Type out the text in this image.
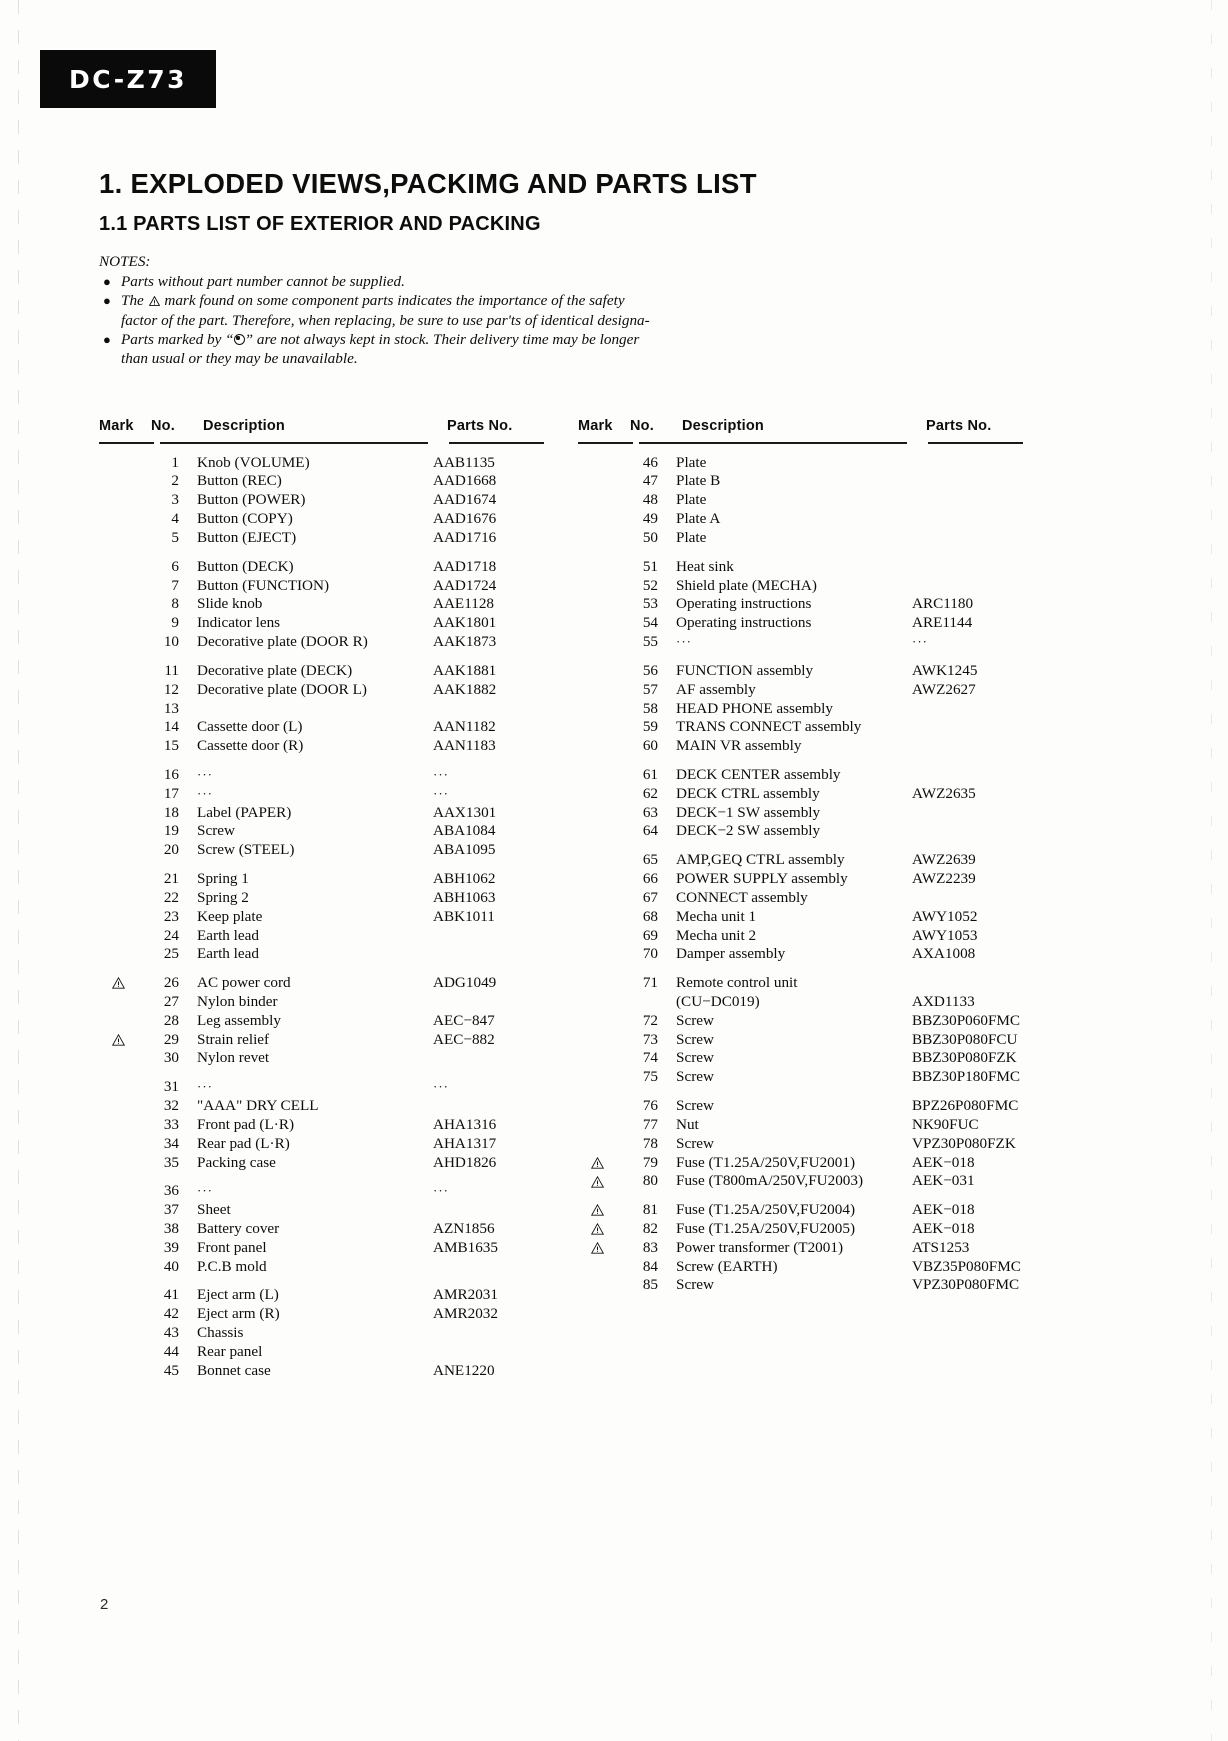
DC-Z73
1. EXPLODED VIEWS,PACKIMG AND PARTS LIST
1.1 PARTS LIST OF EXTERIOR AND PACKING
NOTES:
● Parts without part number cannot be supplied.
● The
mark found on some component parts indicates the importance of the safety
factor of the part. Therefore, when replacing, be sure to use par'ts of identical designa-
● Parts marked by “ ” are not always kept in stock. Their delivery time may be longer
than usual or they may be unavailable.
Mark	No.	Description	Parts No.
1	Knob (VOLUME)	AAB1135
2	Button (REC)	AAD1668
3	Button (POWER)	AAD1674
4	Button (COPY)	AAD1676
5	Button (EJECT)	AAD1716
6	Button (DECK)	AAD1718
7	Button (FUNCTION)	AAD1724
8	Slide knob	AAE1128
9	Indicator lens	AAK1801
10	Decorative plate (DOOR R)	AAK1873
11	Decorative plate (DECK)	AAK1881
12	Decorative plate (DOOR L)	AAK1882
13
14	Cassette door (L)	AAN1182
15	Cassette door (R)	AAN1183
16	···	···
17	···	···
18	Label (PAPER)	AAX1301
19	Screw	ABA1084
20	Screw (STEEL)	ABA1095
21	Spring 1	ABH1062
22	Spring 2	ABH1063
23	Keep plate	ABK1011
24	Earth lead
25	Earth lead
26	AC power cord	ADG1049
27	Nylon binder
28	Leg assembly	AEC−847
29	Strain relief	AEC−882
30	Nylon revet
31	···	···
32	"AAA" DRY CELL
33	Front pad (L·R)	AHA1316
34	Rear pad (L·R)	AHA1317
35	Packing case	AHD1826
36	···	···
37	Sheet
38	Battery cover	AZN1856
39	Front panel	AMB1635
40	P.C.B mold
41	Eject arm (L)	AMR2031
42	Eject arm (R)	AMR2032
43	Chassis
44	Rear panel
45	Bonnet case	ANE1220
Mark	No.	Description	Parts No.
46	Plate
47	Plate B
48	Plate
49	Plate A
50	Plate
51	Heat sink
52	Shield plate (MECHA)
53	Operating instructions	ARC1180
54	Operating instructions	ARE1144
55	···	···
56	FUNCTION assembly	AWK1245
57	AF assembly	AWZ2627
58	HEAD PHONE assembly
59	TRANS CONNECT assembly
60	MAIN VR assembly
61	DECK CENTER assembly
62	DECK CTRL assembly	AWZ2635
63	DECK−1 SW assembly
64	DECK−2 SW assembly
65	AMP,GEQ CTRL assembly	AWZ2639
66	POWER SUPPLY assembly	AWZ2239
67	CONNECT assembly
68	Mecha unit 1	AWY1052
69	Mecha unit 2	AWY1053
70	Damper assembly	AXA1008
71	Remote control unit
(CU−DC019)	AXD1133
72	Screw	BBZ30P060FMC
73	Screw	BBZ30P080FCU
74	Screw	BBZ30P080FZK
75	Screw	BBZ30P180FMC
76	Screw	BPZ26P080FMC
77	Nut	NK90FUC
78	Screw	VPZ30P080FZK
79	Fuse (T1.25A/250V,FU2001)	AEK−018
80	Fuse (T800mA/250V,FU2003)	AEK−031
81	Fuse (T1.25A/250V,FU2004)	AEK−018
82	Fuse (T1.25A/250V,FU2005)	AEK−018
83	Power transformer (T2001)	ATS1253
84	Screw (EARTH)	VBZ35P080FMC
85	Screw	VPZ30P080FMC
2
